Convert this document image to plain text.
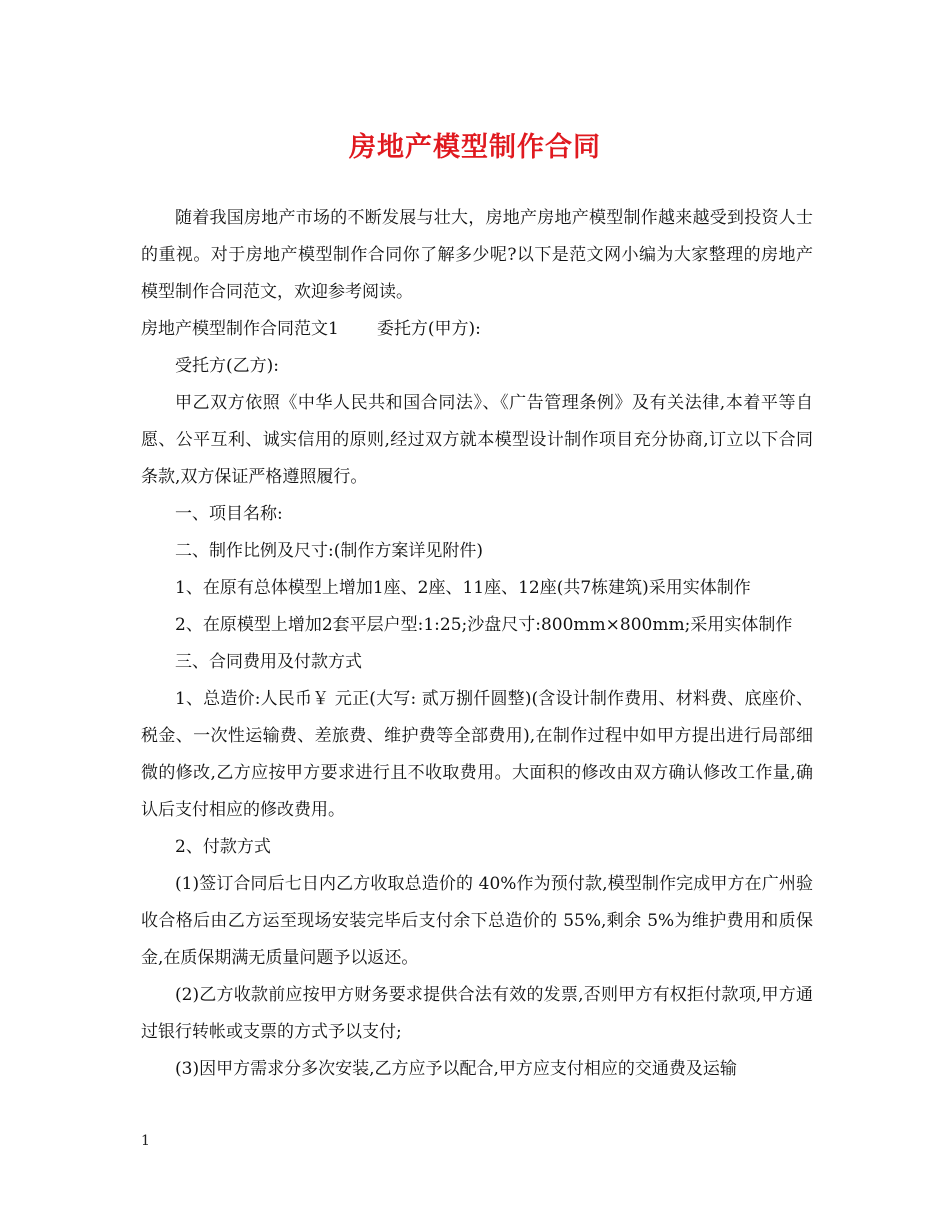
房地产模型制作合同

随着我国房地产市场的不断发展与壮大，房地产房地产模型制作越来越受到投资人士的重视。对于房地产模型制作合同你了解多少呢?以下是范文网小编为大家整理的房地产模型制作合同范文，欢迎参考阅读。

房地产模型制作合同范文1 委托方(甲方):

受托方(乙方):

甲乙双方依照《中华人民共和国合同法》、《广告管理条例》及有关法律,本着平等自愿、公平互利、诚实信用的原则,经过双方就本模型设计制作项目充分协商,订立以下合同条款,双方保证严格遵照履行。

一、项目名称:

二、制作比例及尺寸:(制作方案详见附件)

1、在原有总体模型上增加1座、2座、11座、12座(共7栋建筑)采用实体制作

2、在原模型上增加2套平层户型:1:25;沙盘尺寸:800mm×800mm;采用实体制作

三、合同费用及付款方式

1、总造价:人民币￥ 元正(大写: 贰万捌仟圆整)(含设计制作费用、材料费、底座价、税金、一次性运输费、差旅费、维护费等全部费用),在制作过程中如甲方提出进行局部细微的修改,乙方应按甲方要求进行且不收取费用。大面积的修改由双方确认修改工作量,确认后支付相应的修改费用。

2、付款方式

(1)签订合同后七日内乙方收取总造价的 40%作为预付款,模型制作完成甲方在广州验收合格后由乙方运至现场安装完毕后支付余下总造价的 55%,剩余 5%为维护费用和质保金,在质保期满无质量问题予以返还。

(2)乙方收款前应按甲方财务要求提供合法有效的发票,否则甲方有权拒付款项,甲方通过银行转帐或支票的方式予以支付;

(3)因甲方需求分多次安装,乙方应予以配合,甲方应支付相应的交通费及运输

1
